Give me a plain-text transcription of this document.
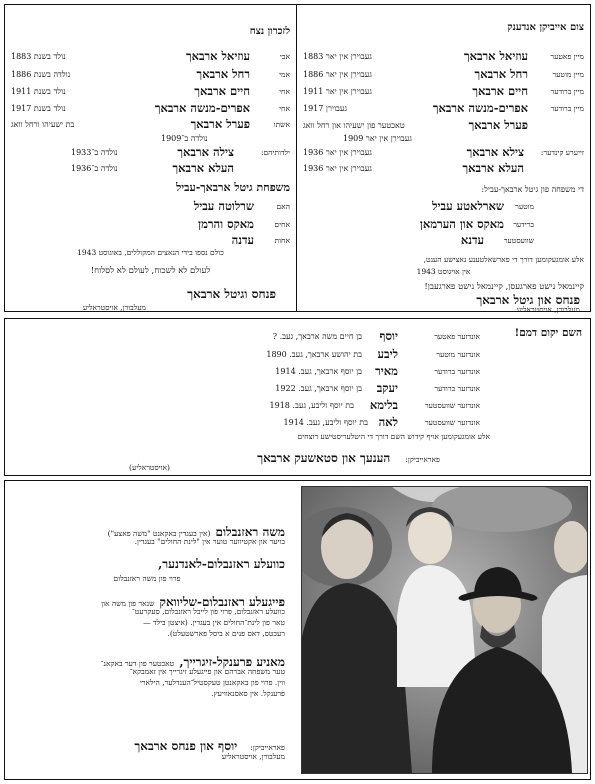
צום אייביקן אנדענק
מיין פאטער
עוזיאל ארבאך
געבוירן אין יאר 1883
מיין מוטער
רחל ארבאך
געבוירן אין יאר 1886
מיין ברודער
חיים ארבאך
געבוירן אין יאר 1911
מיין ברודער
אפרים-מנשה ארבאך
געבוירן 1917
פערל ארבאך
טאכטער פון ישעיהו און רחל וואג
געבוירן אין יאר 1909
זייערע קינדער:
צילא ארבאך
געבוירן אין יאר 1936
העלא ארבאך
געבוירן אין יאר 1936
די משפחה פון גיטל ארבאך-עביל:
מוטער
שארלאטע עביל
ברידער
מאקס און הערמאן
שוועסטער
עדנא
אלע אומגעקומען דורך די פארשאלטענע נאצישע הענט,
אין אויגוסט 1943
קיינמאל נישט פארגעסן, קיינמאל נישט פארגעבן!
פנחס און גיטל ארבאך
מעלבורן, אויסטראליע
לזכרון נצח
אבי
עוזיאל ארבאך
נולד בשנת 1883
אמי
רחל ארבאך
נולדה בשנת 1886
אחי
חיים ארבאך
נולד בשנת 1911
אחי
אפרים-מנשה ארבאך
נולד בשנת 1917
אשתו
פערל ארבאך
בת ישעיהו ורחל וואג
נולדה ב־1909
ילדותיהם:
צילה ארבאך
נולדה ב־1933
העלא ארבאך
נולדה ב־1936
משפחת גיטל ארבאך-עביל
האם
שרלוטה עביל
אחים
מאקס והרמן
אחות
עדנה
כולם נספו בידי הנאצים המקוללים, באוגוסט 1943
לעולם לא לשכוח, לעולם לא לסלוח!
פנחס וגיטל ארבאך
מעלבורן, אויסטראליע
השם יקום דמם!
אונדזער פאטער
יוסף
בן חיים משה ארבאך, געב. ?
אונדזער מוטער
ליבע
בת יהושע ארבאך, געב. 1890
אונדזער ברודער
מאיר
בן יוסף ארבאך, געב. 1914
אונדזער ברודער
יעקב
בן יוסף ארבאך, געב. 1922
אונדזער שוועסטער
בלימא
בת יוסף וליבע, געב. 1918
אונדזער שוועסטער
לאה
בת יוסף וליבע, געב. 1914
אלע אומגעקומען אויף קידוש השם דורך די היטלעריסטישע רוצחים
פאראייביקן: הענעך און סטאשעק ארבאך
(אויסטראליע)
משה ראזנבלום (אין בעגדין באקאנט "משה פאצע")
בויער און אקטיווער טוער אין "לינת החולים" בעגדין.
כוועלע ראזנבלום-לאנדנער,
פרוי פון משה ראזנבלום
פייגעלע ראזנבלום-שליוואק שנאר פון משה און
כוועלע ראזנבלום, פרוי פון לייבל ראזנבלום, סעקרעט־
טאר פון לינת־החולים אין בעגדין. (איצטן בילד —
רעכטס, דאס פנים א ביסל פארשטעלט).
מאניע פרענקל-זיגרייך, טאכטער פון דער באקאנ־
טער משפחה אברהם און פייגעלע זיגרייך אין זאמבקא־
ווין. פרוי פון באקאנטן טעקסטיל־הענדלער, הילארי
פרענקל. אין סאסנאוויעץ.
פאראייביקן: יוסף און פנחס ארבאך
מעלבורן, אויסטראליע
